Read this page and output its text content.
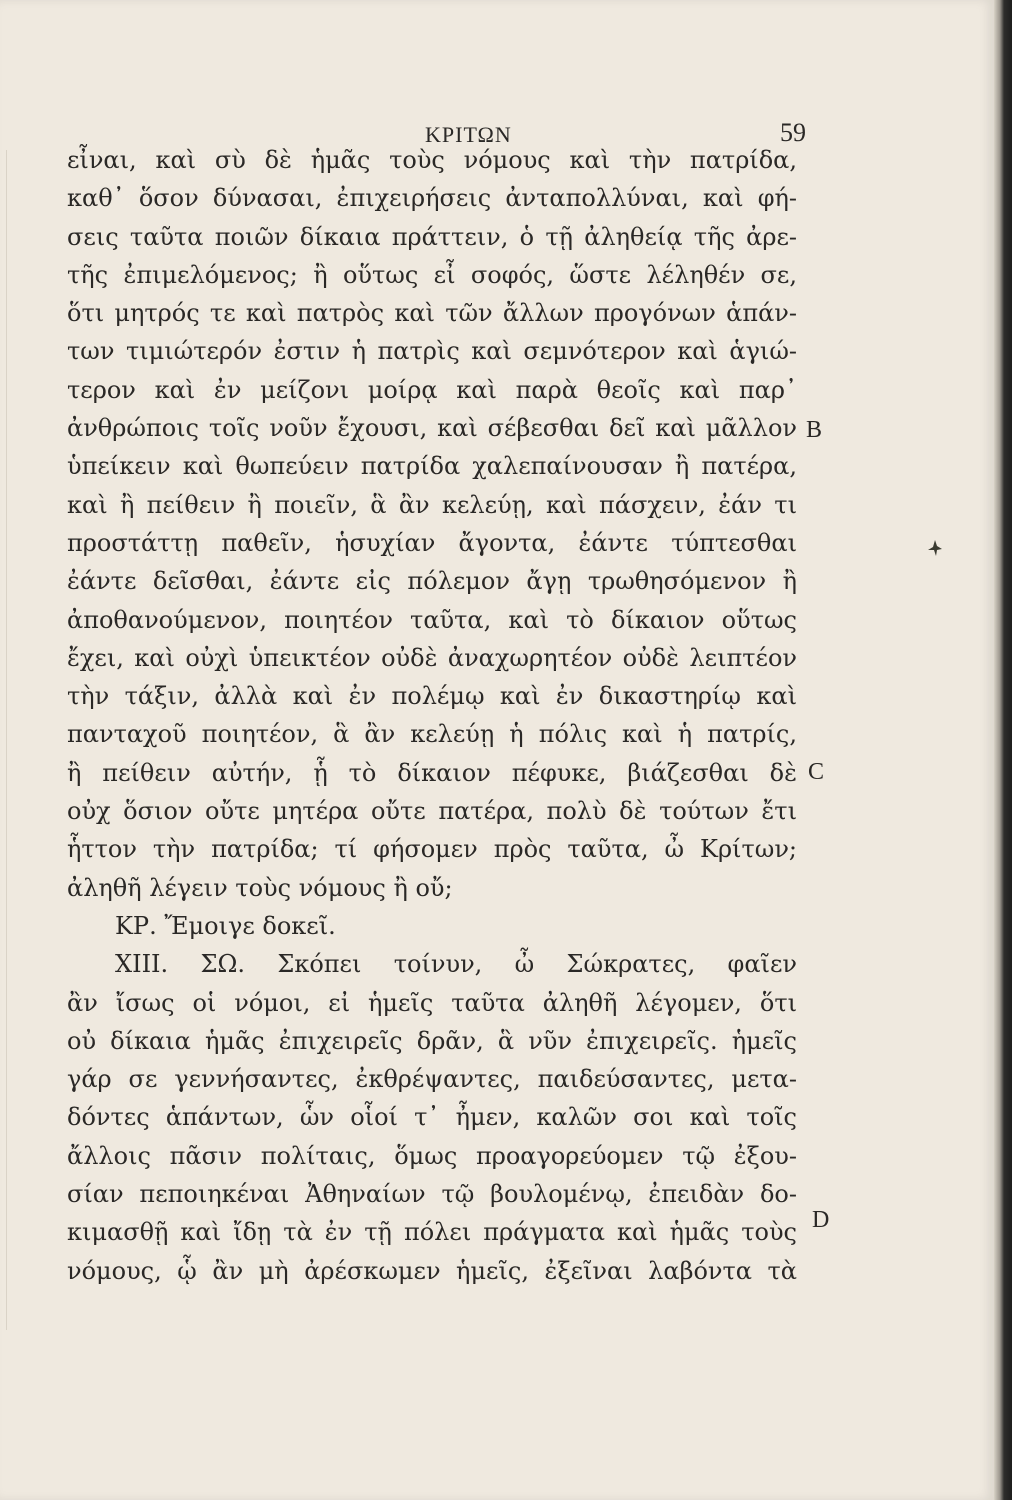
ΚΡΙΤΩΝ	59
εἶναι, καὶ σὺ δὲ ἡμᾶς τοὺς νόμους καὶ τὴν πατρίδα,
καθ᾽ ὅσον δύνασαι, ἐπιχειρήσεις ἀνταπολλύναι, καὶ φή-
σεις ταῦτα ποιῶν δίκαια πράττειν, ὁ τῇ ἀληθείᾳ τῆς ἀρε-
τῆς ἐπιμελόμενος; ἢ οὕτως εἶ σοφός, ὥστε λέληθέν σε,
ὅτι μητρός τε καὶ πατρὸς καὶ τῶν ἄλλων προγόνων ἁπάν-
των τιμιώτερόν ἐστιν ἡ πατρὶς καὶ σεμνότερον καὶ ἁγιώ-
τερον καὶ ἐν μείζονι μοίρᾳ καὶ παρὰ θεοῖς καὶ παρ᾽
ἀνθρώποις τοῖς νοῦν ἔχουσι, καὶ σέβεσθαι δεῖ καὶ μᾶλλον
ὑπείκειν καὶ θωπεύειν πατρίδα χαλεπαίνουσαν ἢ πατέρα,
καὶ ἢ πείθειν ἢ ποιεῖν, ἃ ἂν κελεύῃ, καὶ πάσχειν, ἐάν τι
προστάττῃ παθεῖν, ἡσυχίαν ἄγοντα, ἐάντε τύπτεσθαι
ἐάντε δεῖσθαι, ἐάντε εἰς πόλεμον ἄγῃ τρωθησόμενον ἢ
ἀποθανούμενον, ποιητέον ταῦτα, καὶ τὸ δίκαιον οὕτως
ἔχει, καὶ οὐχὶ ὑπεικτέον οὐδὲ ἀναχωρητέον οὐδὲ λειπτέον
τὴν τάξιν, ἀλλὰ καὶ ἐν πολέμῳ καὶ ἐν δικαστηρίῳ καὶ
πανταχοῦ ποιητέον, ἃ ἂν κελεύῃ ἡ πόλις καὶ ἡ πατρίς,
ἢ πείθειν αὐτήν, ᾗ τὸ δίκαιον πέφυκε, βιάζεσθαι δὲ
οὐχ ὅσιον οὔτε μητέρα οὔτε πατέρα, πολὺ δὲ τούτων ἔτι
ἧττον τὴν πατρίδα; τί φήσομεν πρὸς ταῦτα, ὦ Κρίτων;
ἀληθῆ λέγειν τοὺς νόμους ἢ οὔ;
ΚΡ. Ἔμοιγε δοκεῖ.
XIII. ΣΩ. Σκόπει τοίνυν, ὦ Σώκρατες, φαῖεν
ἂν ἴσως οἱ νόμοι, εἰ ἡμεῖς ταῦτα ἀληθῆ λέγομεν, ὅτι
οὐ δίκαια ἡμᾶς ἐπιχειρεῖς δρᾶν, ἃ νῦν ἐπιχειρεῖς. ἡμεῖς
γάρ σε γεννήσαντες, ἐκθρέψαντες, παιδεύσαντες, μετα-
δόντες ἁπάντων, ὧν οἷοί τ᾽ ἦμεν, καλῶν σοι καὶ τοῖς
ἄλλοις πᾶσιν πολίταις, ὅμως προαγορεύομεν τῷ ἐξου-
σίαν πεποιηκέναι Ἀθηναίων τῷ βουλομένῳ, ἐπειδὰν δο-
κιμασθῇ καὶ ἴδῃ τὰ ἐν τῇ πόλει πράγματα καὶ ἡμᾶς τοὺς
νόμους, ᾧ ἂν μὴ ἀρέσκωμεν ἡμεῖς, ἐξεῖναι λαβόντα τὰ
B
C
D
